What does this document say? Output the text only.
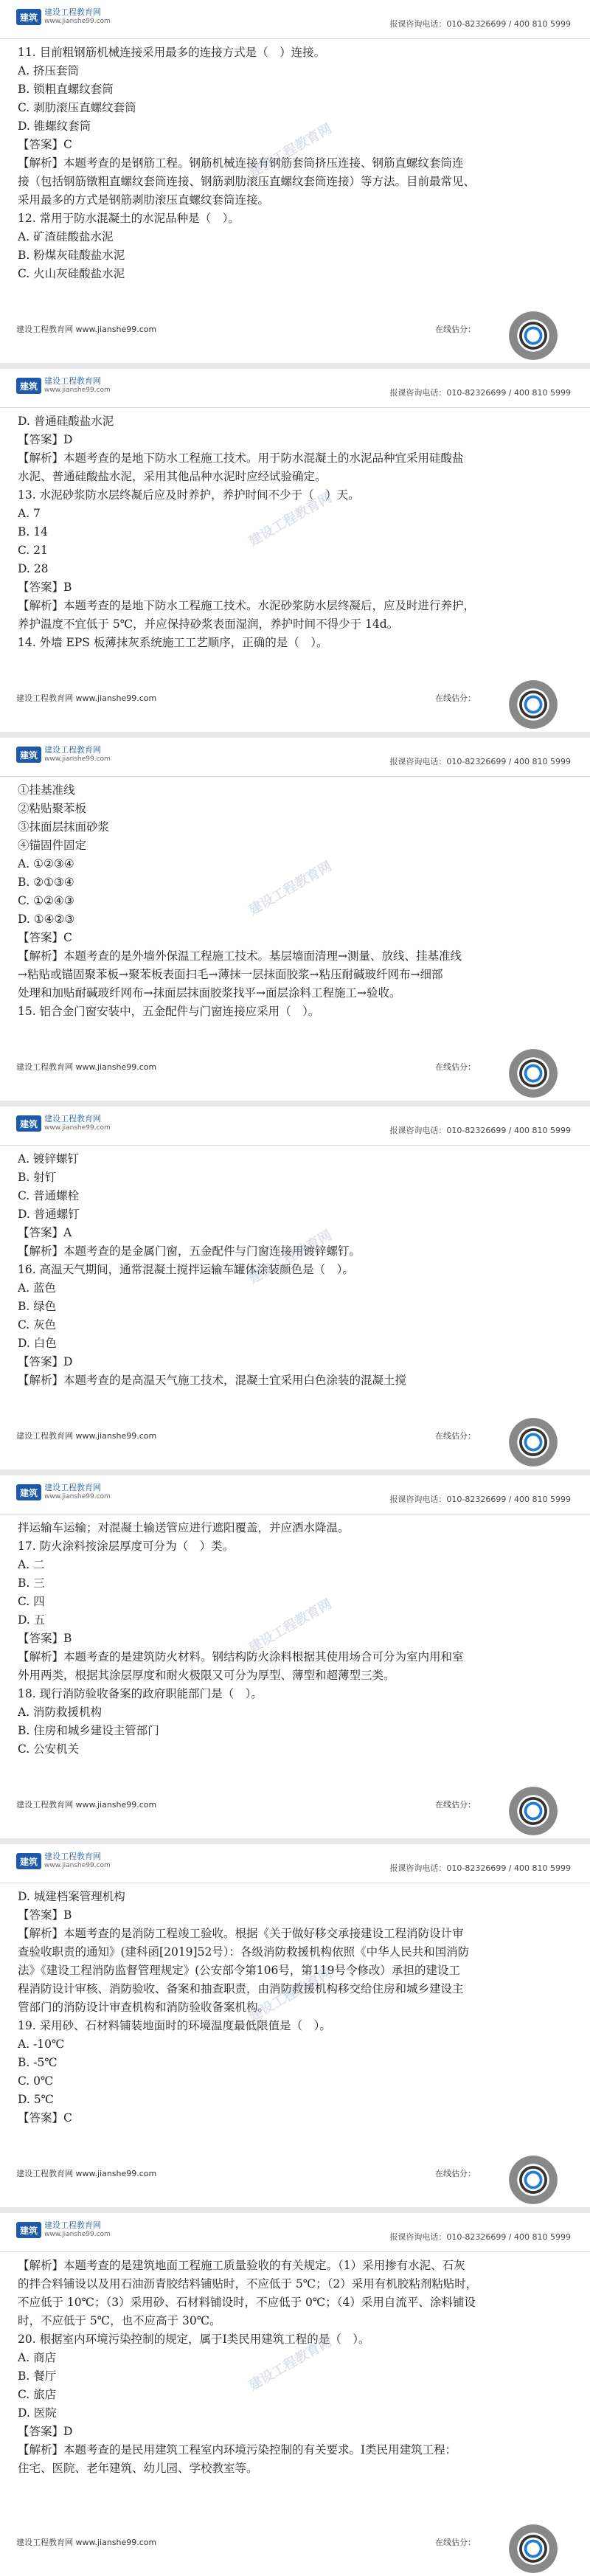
建筑 建设工程教育网
www.jianshe99.com	报课咨询电话：010-82326699 / 400 810 5999
11. 目前粗钢筋机械连接采用最多的连接方式是（　）连接。
A. 挤压套筒
B. 锁粗直螺纹套筒
C. 剥肋滚压直螺纹套筒
D. 锥螺纹套筒
【答案】C
【解析】本题考查的是钢筋工程。钢筋机械连接有钢筋套筒挤压连接、钢筋直螺纹套筒连
接（包括钢筋镦粗直螺纹套筒连接、钢筋剥肋滚压直螺纹套筒连接）等方法。目前最常见、
采用最多的方式是钢筋剥肋滚压直螺纹套筒连接。
12. 常用于防水混凝土的水泥品种是（　）。
A. 矿渣硅酸盐水泥
B. 粉煤灰硅酸盐水泥
C. 火山灰硅酸盐水泥
建设工程教育网
建设工程教育网 www.jianshe99.com	在线估分：
建筑 建设工程教育网
www.jianshe99.com	报课咨询电话：010-82326699 / 400 810 5999
D. 普通硅酸盐水泥
【答案】D
【解析】本题考查的是地下防水工程施工技术。用于防水混凝土的水泥品种宜采用硅酸盐
水泥、普通硅酸盐水泥，采用其他品种水泥时应经试验确定。
13. 水泥砂浆防水层终凝后应及时养护，养护时间不少于（　）天。
A. 7
B. 14
C. 21
D. 28
【答案】B
【解析】本题考查的是地下防水工程施工技术。水泥砂浆防水层终凝后，应及时进行养护，
养护温度不宜低于 5℃，并应保持砂浆表面湿润，养护时间不得少于 14d。
14. 外墙 EPS 板薄抹灰系统施工工艺顺序，正确的是（　）。
建设工程教育网
建设工程教育网 www.jianshe99.com	在线估分：
建筑 建设工程教育网
www.jianshe99.com	报课咨询电话：010-82326699 / 400 810 5999
①挂基准线
②粘贴聚苯板
③抹面层抹面砂浆
④锚固件固定
A. ①②③④
B. ②①③④
C. ①②④③
D. ①④②③
【答案】C
【解析】本题考查的是外墙外保温工程施工技术。基层墙面清理→测量、放线、挂基准线
→粘贴或锚固聚苯板→聚苯板表面扫毛→薄抹一层抹面胶浆→粘压耐碱玻纤网布→细部
处理和加贴耐碱玻纤网布→抹面层抹面胶浆找平→面层涂料工程施工→验收。
15. 铝合金门窗安装中，五金配件与门窗连接应采用（　）。
建设工程教育网
建设工程教育网 www.jianshe99.com	在线估分：
建筑 建设工程教育网
www.jianshe99.com	报课咨询电话：010-82326699 / 400 810 5999
A. 镀锌螺钉
B. 射钉
C. 普通螺栓
D. 普通螺钉
【答案】A
【解析】本题考查的是金属门窗，五金配件与门窗连接用镀锌螺钉。
16. 高温天气期间，通常混凝土搅拌运输车罐体涂装颜色是（　）。
A. 蓝色
B. 绿色
C. 灰色
D. 白色
【答案】D
【解析】本题考查的是高温天气施工技术，混凝土宜采用白色涂装的混凝土搅
建设工程教育网
建设工程教育网 www.jianshe99.com	在线估分：
建筑 建设工程教育网
www.jianshe99.com	报课咨询电话：010-82326699 / 400 810 5999
拌运输车运输；对混凝土输送管应进行遮阳覆盖，并应洒水降温。
17. 防火涂料按涂层厚度可分为（　）类。
A. 二
B. 三
C. 四
D. 五
【答案】B
【解析】本题考查的是建筑防火材料。钢结构防火涂料根据其使用场合可分为室内用和室
外用两类，根据其涂层厚度和耐火极限又可分为厚型、薄型和超薄型三类。
18. 现行消防验收备案的政府职能部门是（　）。
A. 消防救援机构
B. 住房和城乡建设主管部门
C. 公安机关
建设工程教育网
建设工程教育网 www.jianshe99.com	在线估分：
建筑 建设工程教育网
www.jianshe99.com	报课咨询电话：010-82326699 / 400 810 5999
D. 城建档案管理机构
【答案】B
【解析】本题考查的是消防工程竣工验收。根据《关于做好移交承接建设工程消防设计审
查验收职责的通知》(建科函[2019]52号）：各级消防救援机构依照《中华人民共和国消防
法》《建设工程消防监督管理规定》(公安部令第106号，第119号令修改）承担的建设工
程消防设计审核、消防验收、备案和抽查职责，由消防救援机构移交给住房和城乡建设主
管部门的消防设计审查机构和消防验收备案机构。
19. 采用砂、石材料铺装地面时的环境温度最低限值是（　）。
A. -10℃
B. -5℃
C. 0℃
D. 5℃
【答案】C
建设工程教育网
建设工程教育网 www.jianshe99.com	在线估分：
建筑 建设工程教育网
www.jianshe99.com	报课咨询电话：010-82326699 / 400 810 5999
【解析】本题考查的是建筑地面工程施工质量验收的有关规定。（1）采用掺有水泥、石灰
的拌合料铺设以及用石油沥青胶结料铺贴时，不应低于 5℃；（2）采用有机胶粘剂粘贴时，
不应低于 10℃；（3）采用砂、石材料铺设时，不应低于 0℃；（4）采用自流平、涂料铺设
时，不应低于 5℃，也不应高于 30℃。
20. 根据室内环境污染控制的规定，属于Ⅰ类民用建筑工程的是（　）。
A. 商店
B. 餐厅
C. 旅店
D. 医院
【答案】D
【解析】本题考查的是民用建筑工程室内环境污染控制的有关要求。Ⅰ类民用建筑工程：
住宅、医院、老年建筑、幼儿园、学校教室等。
建设工程教育网
建设工程教育网 www.jianshe99.com	在线估分：
